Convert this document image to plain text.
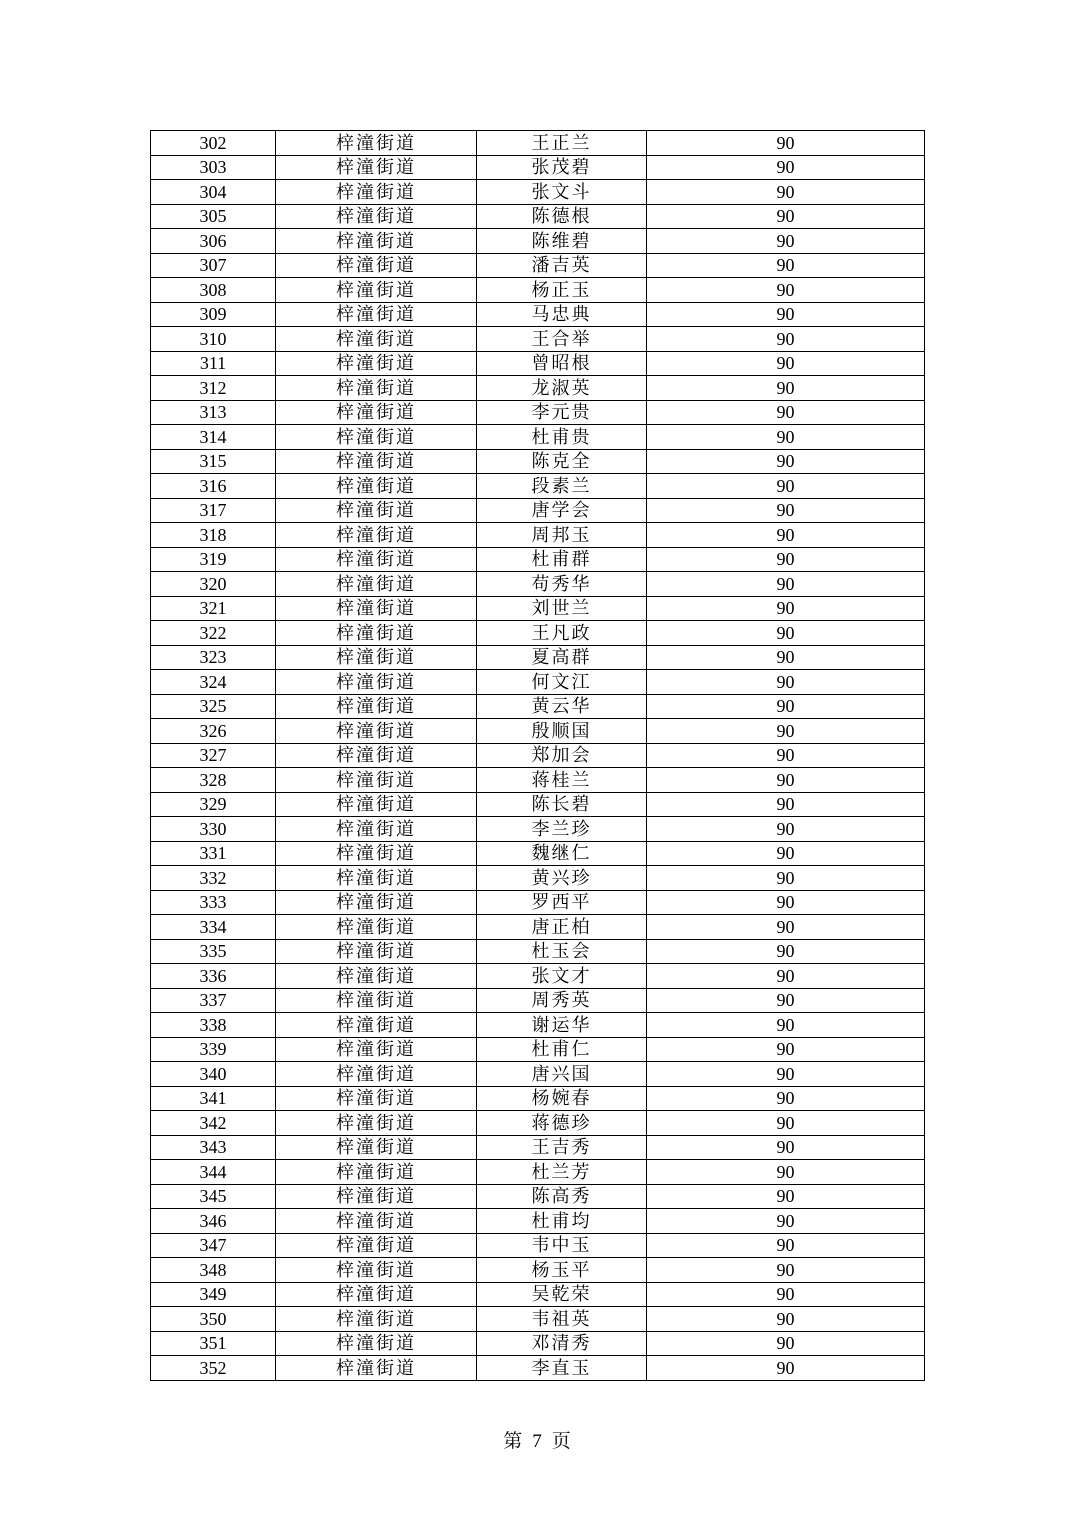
302	梓潼街道	王正兰	90
303	梓潼街道	张茂碧	90
304	梓潼街道	张文斗	90
305	梓潼街道	陈德根	90
306	梓潼街道	陈维碧	90
307	梓潼街道	潘吉英	90
308	梓潼街道	杨正玉	90
309	梓潼街道	马忠典	90
310	梓潼街道	王合举	90
311	梓潼街道	曾昭根	90
312	梓潼街道	龙淑英	90
313	梓潼街道	李元贵	90
314	梓潼街道	杜甫贵	90
315	梓潼街道	陈克全	90
316	梓潼街道	段素兰	90
317	梓潼街道	唐学会	90
318	梓潼街道	周邦玉	90
319	梓潼街道	杜甫群	90
320	梓潼街道	苟秀华	90
321	梓潼街道	刘世兰	90
322	梓潼街道	王凡政	90
323	梓潼街道	夏高群	90
324	梓潼街道	何文江	90
325	梓潼街道	黄云华	90
326	梓潼街道	殷顺国	90
327	梓潼街道	郑加会	90
328	梓潼街道	蒋桂兰	90
329	梓潼街道	陈长碧	90
330	梓潼街道	李兰珍	90
331	梓潼街道	魏继仁	90
332	梓潼街道	黄兴珍	90
333	梓潼街道	罗西平	90
334	梓潼街道	唐正柏	90
335	梓潼街道	杜玉会	90
336	梓潼街道	张文才	90
337	梓潼街道	周秀英	90
338	梓潼街道	谢运华	90
339	梓潼街道	杜甫仁	90
340	梓潼街道	唐兴国	90
341	梓潼街道	杨婉春	90
342	梓潼街道	蒋德珍	90
343	梓潼街道	王吉秀	90
344	梓潼街道	杜兰芳	90
345	梓潼街道	陈高秀	90
346	梓潼街道	杜甫均	90
347	梓潼街道	韦中玉	90
348	梓潼街道	杨玉平	90
349	梓潼街道	吴乾荣	90
350	梓潼街道	韦祖英	90
351	梓潼街道	邓清秀	90
352	梓潼街道	李直玉	90
第 7 页
